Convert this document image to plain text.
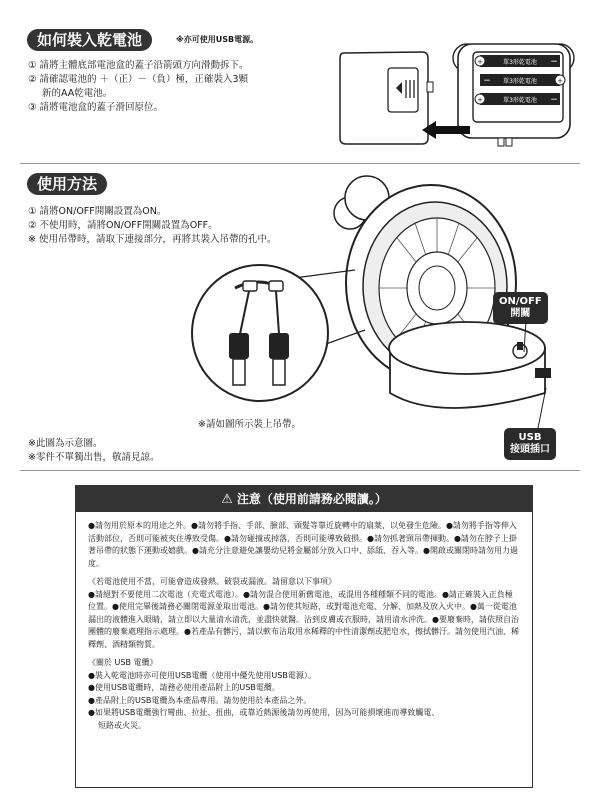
如何裝入乾電池	※亦可使用USB電源。
① 請將主體底部電池盒的蓋子沿箭頭方向滑動拆下。
② 請確認電池的 ＋（正）－（負）極，正確裝入3顆
新的AA乾電池。
③ 請將電池盒的蓋子滑回原位。
+
+
+
單3形乾電池
單3形乾電池
單3形乾電池
−
−
−
使用方法
① 請將ON/OFF開關設置為ON。
② 不使用時，請將ON/OFF開關設置為OFF。
※ 使用吊帶時，請取下連接部分，再將其裝入吊帶的孔中。
ON/OFF
開關
USB
接頭插口
※請如圖所示裝上吊帶。
※此圖為示意圖。
※零件不單獨出售，敬請見諒。
⚠ 注意（使用前請務必閱讀。）

●請勿用於原本的用途之外。●請勿將手指、手部、臉部、頭髮等靠近旋轉中的扇葉，以免發生危險。●請勿將手指等伸入活動部位，否則可能被夾住導致受傷。●請勿碰撞或掉落，否則可能導致破損。●請勿抓著頸吊帶揮動。●請勿在脖子上掛著吊帶的狀態下運動或嬉戲。●請充分注意避免讓嬰幼兒將金屬部分放入口中、舔舐、吞入等。●開啟或關閉時請勿用力過度。

《若電池使用不當，可能會造成發熱、破裂或漏液。請留意以下事項》

●請絕對不要使用二次電池（充電式電池）。●請勿混合使用新舊電池，或混用各種種類不同的電池。●請正確裝入正負極位置。●使用完畢後請務必關閉電源並取出電池。●請勿使其短路，或對電池充電、分解、加熱及放入火中。●萬一從電池漏出的液體進入眼睛，請立即以大量清水清洗，並盡快就醫。沾到皮膚或衣服時，請用清水沖洗。●要廢棄時，請依照自治團體的廢棄處理指示處理。●若產品有髒污，請以軟布沾取用水稀釋的中性清潔劑或肥皂水，擦拭髒汙。請勿使用汽油、稀釋劑、酒精類物質。

《關於 USB 電纜》

●裝入乾電池時亦可使用USB電纜（使用中優先使用USB電源）。
●使用USB電纜時，請務必使用產品附上的USB電纜。
●產品附上的USB電纜為本產品專用。請勿使用於本產品之外。
●如果將USB電纜強行彎曲、拉扯、扭曲，或靠近熱源後請勿再使用，因為可能損壞進而導致觸電、
短路或火災。
